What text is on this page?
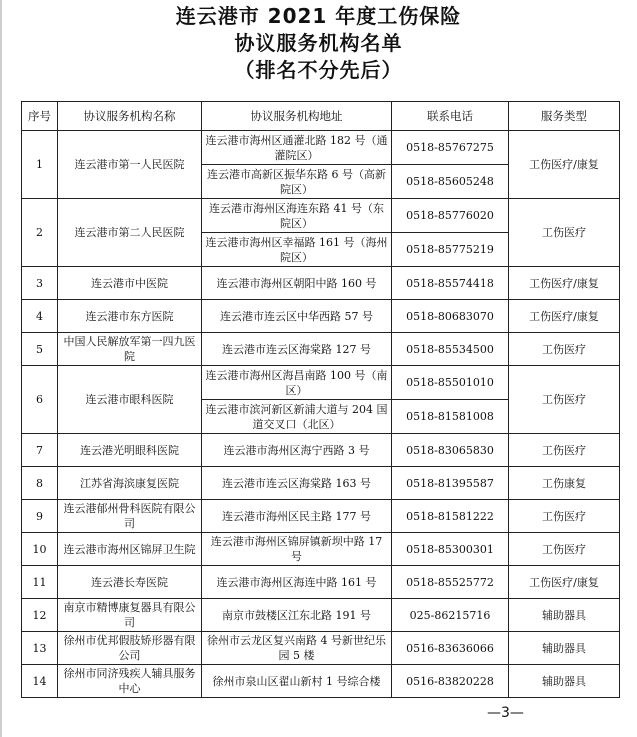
连云港市 2021 年度工伤保险
协议服务机构名单
（排名不分先后）
序号	协议服务机构名称	协议服务机构地址	联系电话	服务类型
1	连云港市第一人民医院	连云港市海州区通灌北路 182 号（通灌院区）	0518-85767275	工伤医疗/康复
		连云港市高新区振华东路 6 号（高新院区）	0518-85605248	
2	连云港市第二人民医院	连云港市海州区海连东路 41 号（东院区）	0518-85776020	工伤医疗
		连云港市海州区幸福路 161 号（海州院区）	0518-85775219	
3	连云港市中医院	连云港市海州区朝阳中路 160 号	0518-85574418	工伤医疗/康复
4	连云港市东方医院	连云港市连云区中华西路 57 号	0518-80683070	工伤医疗/康复
5	中国人民解放军第一四九医院	连云港市连云区海棠路 127 号	0518-85534500	工伤医疗
6	连云港市眼科医院	连云港市海州区海昌南路 100 号（南区）	0518-85501010	工伤医疗
		连云港市滨河新区新浦大道与 204 国道交叉口（北区）	0518-81581008	
7	连云港光明眼科医院	连云港市海州区海宁西路 3 号	0518-83065830	工伤医疗
8	江苏省海滨康复医院	连云港市连云区海棠路 163 号	0518-81395587	工伤康复
9	连云港郁州骨科医院有限公司	连云港市海州区民主路 177 号	0518-81581222	工伤医疗
10	连云港市海州区锦屏卫生院	连云港市海州区锦屏镇新坝中路 17 号	0518-85300301	工伤医疗
11	连云港长寿医院	连云港市海州区海连中路 161 号	0518-85525772	工伤医疗/康复
12	南京市精博康复器具有限公司	南京市鼓楼区江东北路 191 号	025-86215716	辅助器具
13	徐州市优邦假肢矫形器有限公司	徐州市云龙区复兴南路 4 号新世纪乐园 5 楼	0516-83636066	辅助器具
14	徐州市同济残疾人辅具服务中心	徐州市泉山区翟山新村 1 号综合楼	0516-83820228	辅助器具
—3—
